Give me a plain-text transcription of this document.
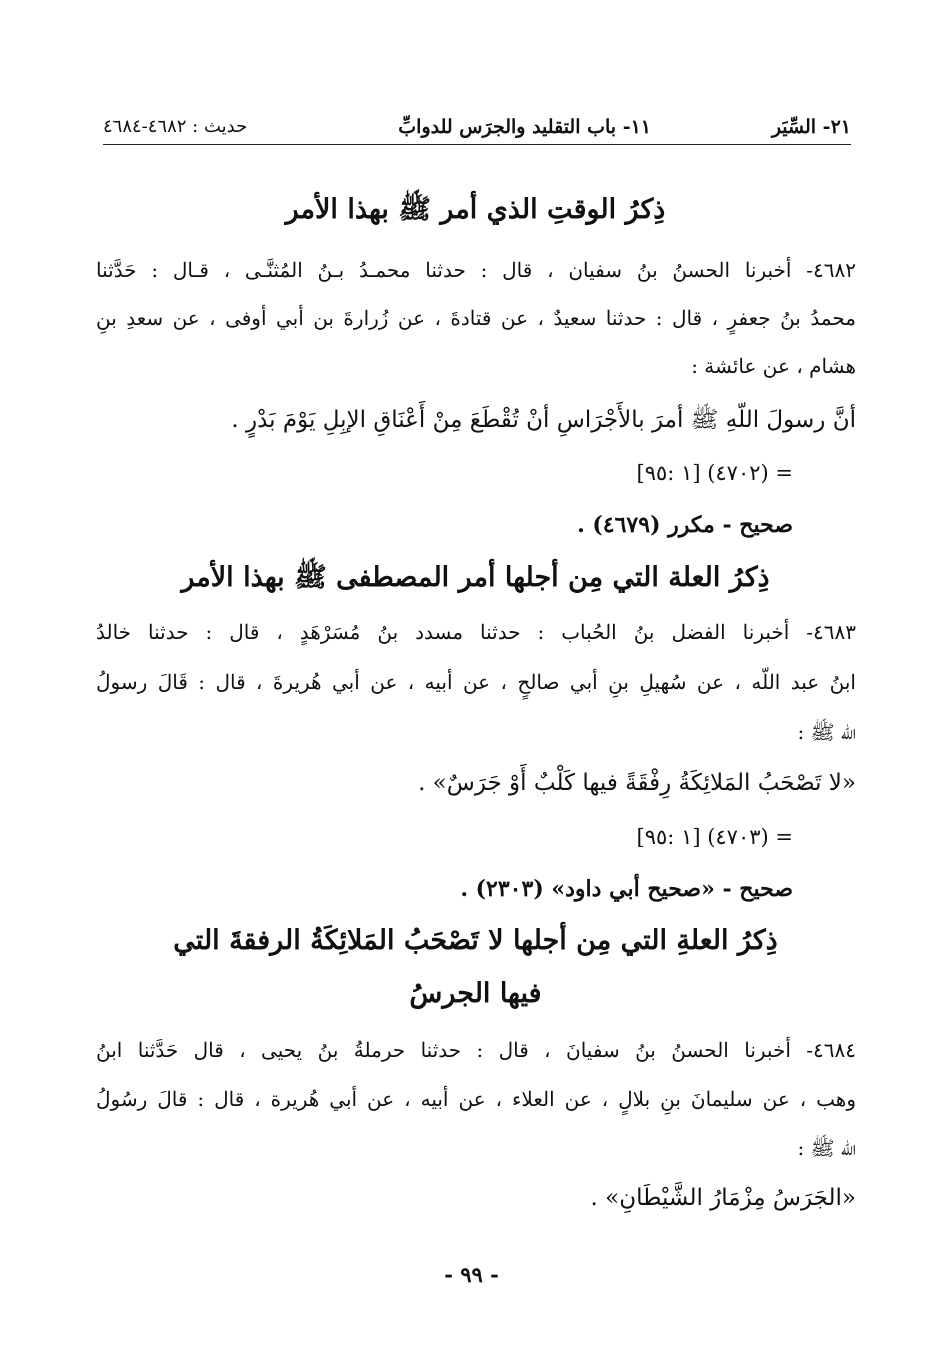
٢١- السِّيَر
١١- باب التقليد والجرَس للدوابِّ
حديث : ٤٦٨٢-٤٦٨٤
ذِكرُ الوقتِ الذي أمر ﷺ بهذا الأمر
٤٦٨٢- أخبرنا الحسنُ بنُ سفيان ، قال : حدثنا محمـدُ بـنُ المُثنَّـى ، قـال : حَدَّثنا
محمدُ بنُ جعفرٍ ، قال : حدثنا سعيدٌ ، عن قتادةَ ، عن زُرارةَ بن أبي أوفى ، عن سعدِ بنِ
هشام ، عن عائشة :
أنَّ رسولَ اللّهِ ﷺ أمرَ بالأَجْرَاسِ أنْ تُقْطَعَ مِنْ أَعْنَاقِ الإبِلِ يَوْمَ بَدْرٍ .
= (٤٧٠٢) [١ :٩٥]
صحيح - مكرر (٤٦٧٩) .
ذِكرُ العلة التي مِن أجلها أمر المصطفى ﷺ بهذا الأمر
٤٦٨٣- أخبرنا الفضل بنُ الحُباب : حدثنا مسدد بنُ مُسَرْهَدٍ ، قال : حدثنا خالدُ
ابنُ عبد اللّه ، عن سُهيلِ بنِ أبي صالحٍ ، عن أبيه ، عن أبي هُريرةَ ، قال : قَالَ رسولُ
اللّه ﷺ :
«لا تَصْحَبُ المَلائِكَةُ رِفْقَةً فيها كَلْبٌ أَوْ جَرَسٌ» .
= (٤٧٠٣) [١ :٩٥]
صحيح - «صحيح أبي داود» (٢٣٠٣) .
ذِكرُ العلةِ التي مِن أجلها لا تَصْحَبُ المَلائِكَةُ الرفقةَ التي
فيها الجرسُ
٤٦٨٤- أخبرنا الحسنُ بنُ سفيانَ ، قال : حدثنا حرملةُ بنُ يحيى ، قال حَدَّثنا ابنُ
وهب ، عن سليمانَ بنِ بلالٍ ، عن العلاء ، عن أبيه ، عن أبي هُريرة ، قال : قالَ رسُولُ
اللّه ﷺ :
«الجَرَسُ مِزْمَارُ الشَّيْطَانِ» .
- ٩٩ -
